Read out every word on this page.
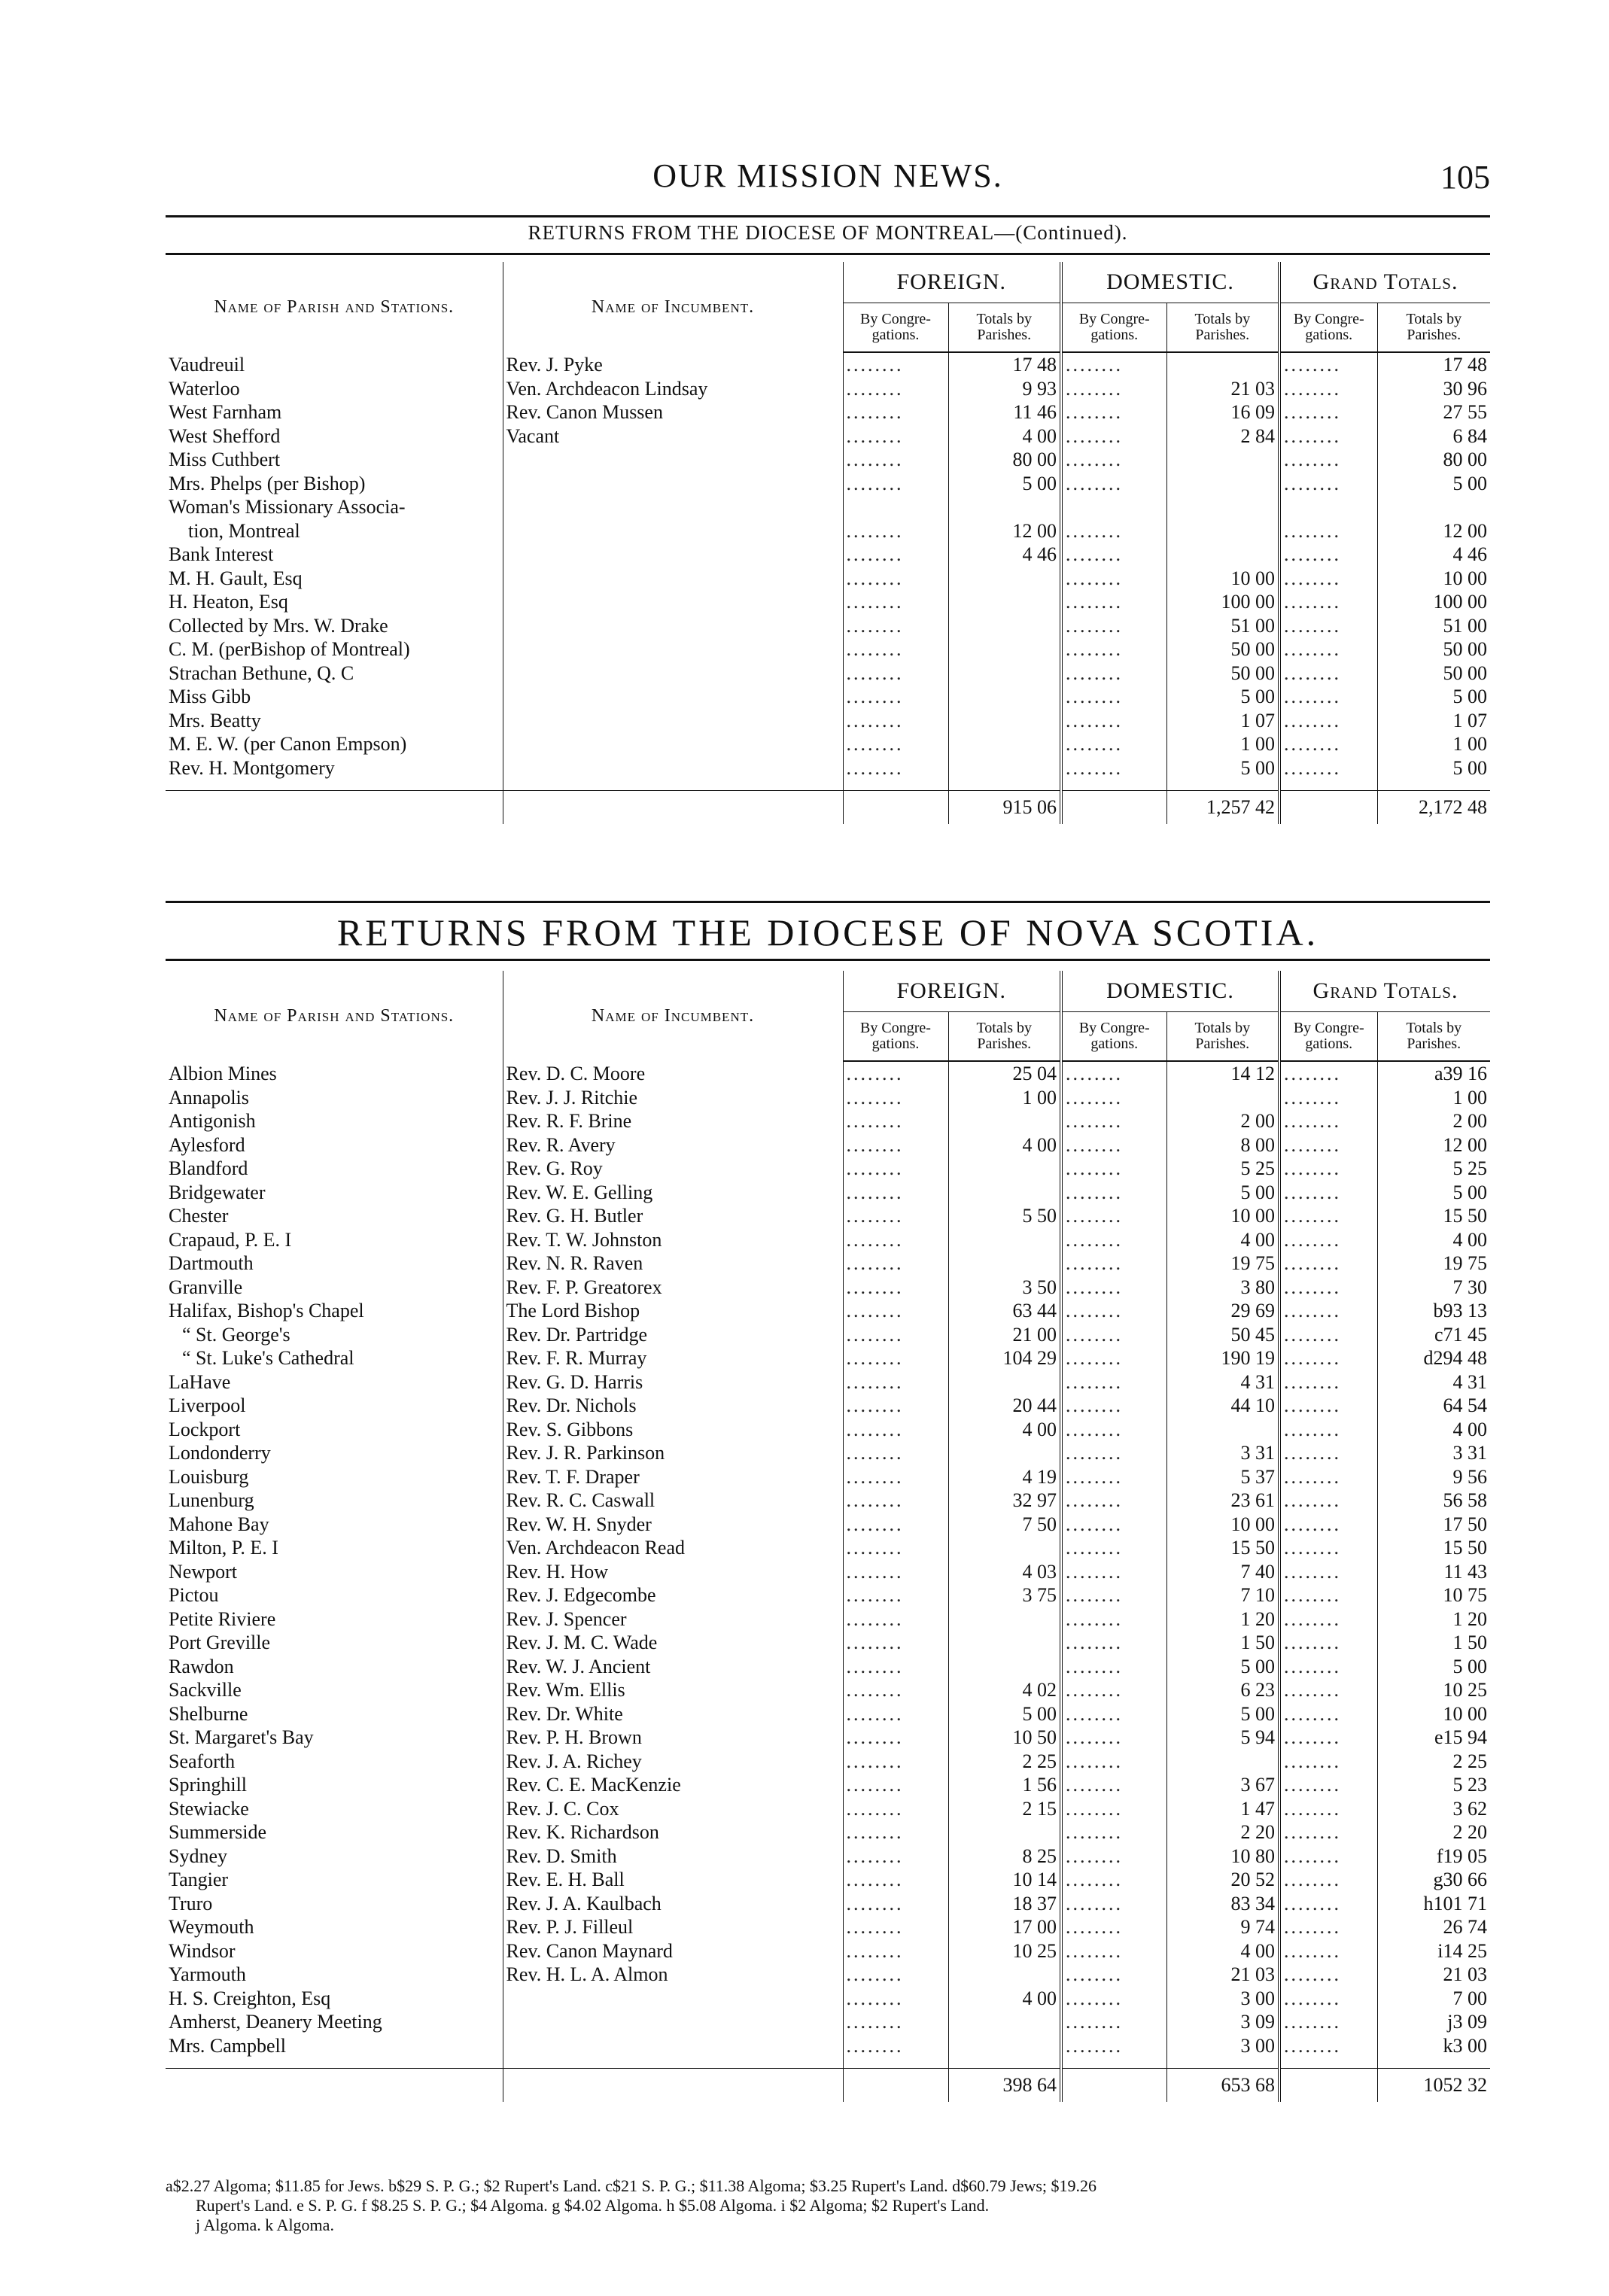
OUR MISSION NEWS.	105
RETURNS FROM THE DIOCESE OF MONTREAL—(Continued).
Name of Parish and Stations.	Name of Incumbent.	FOREIGN.		DOMESTIC.		Grand Totals.	
		By Congre-gations.	Totals by Parishes.	By Congre-gations.	Totals by Parishes.	By Congre-gations.	Totals by Parishes.
Vaudreuil	Rev. J. Pyke	........	17 48	........		........	17 48
Waterloo	Ven. Archdeacon Lindsay	........	9 93	........	21 03	........	30 96
West Farnham	Rev. Canon Mussen	........	11 46	........	16 09	........	27 55
West Shefford	Vacant	........	4 00	........	2 84	........	6 84
Miss Cuthbert		........	80 00	........		........	80 00
Mrs. Phelps (per Bishop)		........	5 00	........		........	5 00
Woman's Missionary Associa-							
tion, Montreal		........	12 00	........		........	12 00
Bank Interest		........	4 46	........		........	4 46
M. H. Gault, Esq		........		........	10 00	........	10 00
H. Heaton, Esq		........		........	100 00	........	100 00
Collected by Mrs. W. Drake		........		........	51 00	........	51 00
C. M. (perBishop of Montreal)		........		........	50 00	........	50 00
Strachan Bethune, Q. C		........		........	50 00	........	50 00
Miss Gibb		........		........	5 00	........	5 00
Mrs. Beatty		........		........	1 07	........	1 07
M. E. W. (per Canon Empson)		........		........	1 00	........	1 00
Rev. H. Montgomery		........		........	5 00	........	5 00

			915 06		1,257 42		2,172 48
RETURNS FROM THE DIOCESE OF NOVA SCOTIA.
Name of Parish and Stations.	Name of Incumbent.	FOREIGN.		DOMESTIC.		Grand Totals.	
		By Congre-gations.	Totals by Parishes.	By Congre-gations.	Totals by Parishes.	By Congre-gations.	Totals by Parishes.
Albion Mines	Rev. D. C. Moore	........	25 04	........	14 12	........	a39 16
Annapolis	Rev. J. J. Ritchie	........	1 00	........		........	1 00
Antigonish	Rev. R. F. Brine	........		........	2 00	........	2 00
Aylesford	Rev. R. Avery	........	4 00	........	8 00	........	12 00
Blandford	Rev. G. Roy	........		........	5 25	........	5 25
Bridgewater	Rev. W. E. Gelling	........		........	5 00	........	5 00
Chester	Rev. G. H. Butler	........	5 50	........	10 00	........	15 50
Crapaud, P. E. I	Rev. T. W. Johnston	........		........	4 00	........	4 00
Dartmouth	Rev. N. R. Raven	........		........	19 75	........	19 75
Granville	Rev. F. P. Greatorex	........	3 50	........	3 80	........	7 30
Halifax, Bishop's Chapel	The Lord Bishop	........	63 44	........	29 69	........	b93 13
“ St. George's	Rev. Dr. Partridge	........	21 00	........	50 45	........	c71 45
“ St. Luke's Cathedral	Rev. F. R. Murray	........	104 29	........	190 19	........	d294 48
LaHave	Rev. G. D. Harris	........		........	4 31	........	4 31
Liverpool	Rev. Dr. Nichols	........	20 44	........	44 10	........	64 54
Lockport	Rev. S. Gibbons	........	4 00	........		........	4 00
Londonderry	Rev. J. R. Parkinson	........		........	3 31	........	3 31
Louisburg	Rev. T. F. Draper	........	4 19	........	5 37	........	9 56
Lunenburg	Rev. R. C. Caswall	........	32 97	........	23 61	........	56 58
Mahone Bay	Rev. W. H. Snyder	........	7 50	........	10 00	........	17 50
Milton, P. E. I	Ven. Archdeacon Read	........		........	15 50	........	15 50
Newport	Rev. H. How	........	4 03	........	7 40	........	11 43
Pictou	Rev. J. Edgecombe	........	3 75	........	7 10	........	10 75
Petite Riviere	Rev. J. Spencer	........		........	1 20	........	1 20
Port Greville	Rev. J. M. C. Wade	........		........	1 50	........	1 50
Rawdon	Rev. W. J. Ancient	........		........	5 00	........	5 00
Sackville	Rev. Wm. Ellis	........	4 02	........	6 23	........	10 25
Shelburne	Rev. Dr. White	........	5 00	........	5 00	........	10 00
St. Margaret's Bay	Rev. P. H. Brown	........	10 50	........	5 94	........	e15 94
Seaforth	Rev. J. A. Richey	........	2 25	........		........	2 25
Springhill	Rev. C. E. MacKenzie	........	1 56	........	3 67	........	5 23
Stewiacke	Rev. J. C. Cox	........	2 15	........	1 47	........	3 62
Summerside	Rev. K. Richardson	........		........	2 20	........	2 20
Sydney	Rev. D. Smith	........	8 25	........	10 80	........	f19 05
Tangier	Rev. E. H. Ball	........	10 14	........	20 52	........	g30 66
Truro	Rev. J. A. Kaulbach	........	18 37	........	83 34	........	h101 71
Weymouth	Rev. P. J. Filleul	........	17 00	........	9 74	........	26 74
Windsor	Rev. Canon Maynard	........	10 25	........	4 00	........	i14 25
Yarmouth	Rev. H. L. A. Almon	........		........	21 03	........	21 03
H. S. Creighton, Esq		........	4 00	........	3 00	........	7 00
Amherst, Deanery Meeting		........		........	3 09	........	j3 09
Mrs. Campbell		........		........	3 00	........	k3 00

			398 64		653 68		1052 32

a$2.27 Algoma; $11.85 for Jews. b$29 S. P. G.; $2 Rupert's Land. c$21 S. P. G.; $11.38 Algoma; $3.25 Rupert's Land. d$60.79 Jews; $19.26

Rupert's Land. e S. P. G. f $8.25 S. P. G.; $4 Algoma. g $4.02 Algoma. h $5.08 Algoma. i $2 Algoma; $2 Rupert's Land.

j Algoma. k Algoma.
